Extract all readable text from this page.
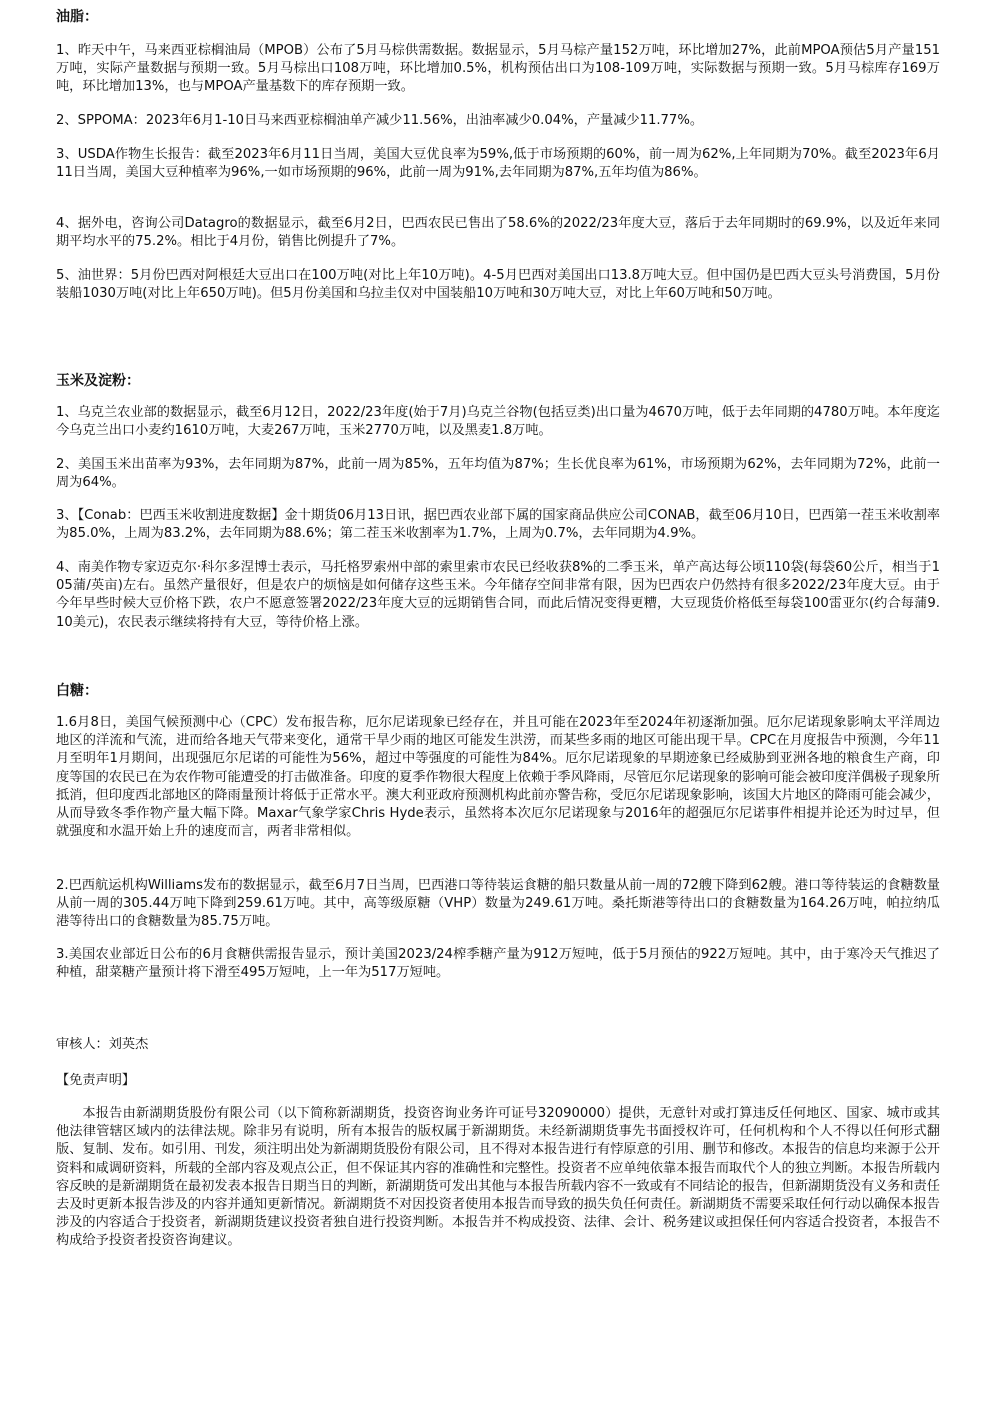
油脂：

1、昨天中午，马来西亚棕榈油局（MPOB）公布了5月马棕供需数据。数据显示，5月马棕产量152万吨，环比增加27%，此前MPOA预估5月产量151万吨，实际产量数据与预期一致。5月马棕出口108万吨，环比增加0.5%，机构预估出口为108-109万吨，实际数据与预期一致。5月马棕库存169万吨，环比增加13%，也与MPOA产量基数下的库存预期一致。

2、SPPOMA：2023年6月1-10日马来西亚棕榈油单产减少11.56%，出油率减少0.04%，产量减少11.77%。

3、USDA作物生长报告：截至2023年6月11日当周，美国大豆优良率为59%,低于市场预期的60%，前一周为62%,上年同期为70%。截至2023年6月11日当周，美国大豆种植率为96%,一如市场预期的96%，此前一周为91%,去年同期为87%,五年均值为86%。

4、据外电，咨询公司Datagro的数据显示，截至6月2日，巴西农民已售出了58.6%的2022/23年度大豆，落后于去年同期时的69.9%，以及近年来同期平均水平的75.2%。相比于4月份，销售比例提升了7%。

5、油世界：5月份巴西对阿根廷大豆出口在100万吨(对比上年10万吨)。4-5月巴西对美国出口13.8万吨大豆。但中国仍是巴西大豆头号消费国，5月份装船1030万吨(对比上年650万吨)。但5月份美国和乌拉圭仅对中国装船10万吨和30万吨大豆，对比上年60万吨和50万吨。

玉米及淀粉：

1、乌克兰农业部的数据显示，截至6月12日，2022/23年度(始于7月)乌克兰谷物(包括豆类)出口量为4670万吨，低于去年同期的4780万吨。本年度迄今乌克兰出口小麦约1610万吨，大麦267万吨，玉米2770万吨，以及黑麦1.8万吨。

2、美国玉米出苗率为93%，去年同期为87%，此前一周为85%，五年均值为87%；生长优良率为61%，市场预期为62%，去年同期为72%，此前一周为64%。

3、【Conab：巴西玉米收割进度数据】金十期货06月13日讯，据巴西农业部下属的国家商品供应公司CONAB，截至06月10日，巴西第一茬玉米收割率为85.0%，上周为83.2%，去年同期为88.6%；第二茬玉米收割率为1.7%，上周为0.7%，去年同期为4.9%。

4、南美作物专家迈克尔·科尔多涅博士表示，马托格罗索州中部的索里索市农民已经收获8%的二季玉米，单产高达每公顷110袋(每袋60公斤，相当于105蒲/英亩)左右。虽然产量很好，但是农户的烦恼是如何储存这些玉米。今年储存空间非常有限，因为巴西农户仍然持有很多2022/23年度大豆。由于今年早些时候大豆价格下跌，农户不愿意签署2022/23年度大豆的远期销售合同，而此后情况变得更糟，大豆现货价格低至每袋100雷亚尔(约合每蒲9.10美元)，农民表示继续将持有大豆，等待价格上涨。

白糖：

1.6月8日，美国气候预测中心（CPC）发布报告称，厄尔尼诺现象已经存在，并且可能在2023年至2024年初逐渐加强。厄尔尼诺现象影响太平洋周边地区的洋流和气流，进而给各地天气带来变化，通常干旱少雨的地区可能发生洪涝，而某些多雨的地区可能出现干旱。CPC在月度报告中预测，今年11月至明年1月期间，出现强厄尔尼诺的可能性为56%，超过中等强度的可能性为84%。厄尔尼诺现象的早期迹象已经威胁到亚洲各地的粮食生产商，印度等国的农民已在为农作物可能遭受的打击做准备。印度的夏季作物很大程度上依赖于季风降雨，尽管厄尔尼诺现象的影响可能会被印度洋偶极子现象所抵消，但印度西北部地区的降雨量预计将低于正常水平。澳大利亚政府预测机构此前亦警告称，受厄尔尼诺现象影响，该国大片地区的降雨可能会减少，从而导致冬季作物产量大幅下降。Maxar气象学家Chris Hyde表示，虽然将本次厄尔尼诺现象与2016年的超强厄尔尼诺事件相提并论还为时过早，但就强度和水温开始上升的速度而言，两者非常相似。

2.巴西航运机构Williams发布的数据显示，截至6月7日当周，巴西港口等待装运食糖的船只数量从前一周的72艘下降到62艘。港口等待装运的食糖数量从前一周的305.44万吨下降到259.61万吨。其中，高等级原糖（VHP）数量为249.61万吨。桑托斯港等待出口的食糖数量为164.26万吨，帕拉纳瓜港等待出口的食糖数量为85.75万吨。

3.美国农业部近日公布的6月食糖供需报告显示，预计美国2023/24榨季糖产量为912万短吨，低于5月预估的922万短吨。其中，由于寒冷天气推迟了种植，甜菜糖产量预计将下滑至495万短吨，上一年为517万短吨。

审核人：刘英杰

【免责声明】

本报告由新湖期货股份有限公司（以下简称新湖期货，投资咨询业务许可证号32090000）提供，无意针对或打算违反任何地区、国家、城市或其他法律管辖区域内的法律法规。除非另有说明，所有本报告的版权属于新湖期货。未经新湖期货事先书面授权许可，任何机构和个人不得以任何形式翻版、复制、发布。如引用、刊发，须注明出处为新湖期货股份有限公司，且不得对本报告进行有悖原意的引用、删节和修改。本报告的信息均来源于公开资料和咸调研资料，所载的全部内容及观点公正，但不保证其内容的准确性和完整性。投资者不应单纯依靠本报告而取代个人的独立判断。本报告所载内容反映的是新湖期货在最初发表本报告日期当日的判断，新湖期货可发出其他与本报告所载内容不一致或有不同结论的报告，但新湖期货没有义务和责任去及时更新本报告涉及的内容并通知更新情况。新湖期货不对因投资者使用本报告而导致的损失负任何责任。新湖期货不需要采取任何行动以确保本报告涉及的内容适合于投资者，新湖期货建议投资者独自进行投资判断。本报告并不构成投资、法律、会计、税务建议或担保任何内容适合投资者，本报告不构成给予投资者投资咨询建议。
